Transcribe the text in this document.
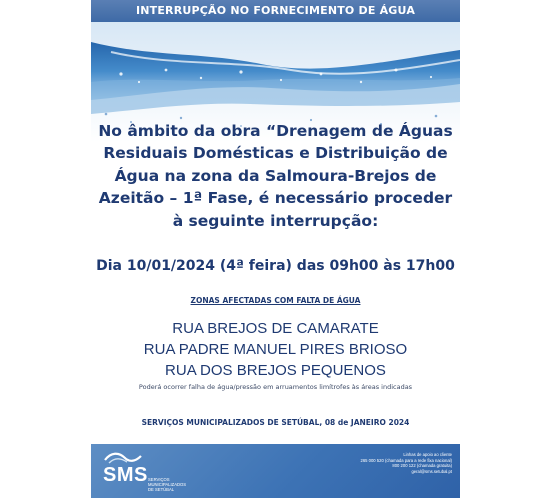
INTERRUPÇÃO NO FORNECIMENTO DE ÁGUA
No âmbito da obra “Drenagem de Águas
Residuais Domésticas e Distribuição de
Água na zona da Salmoura-Brejos de
Azeitão – 1ª Fase, é necessário proceder
à seguinte interrupção:
Dia 10/01/2024 (4ª feira) das 09h00 às 17h00
ZONAS AFECTADAS COM FALTA DE ÁGUA
RUA BREJOS DE CAMARATE
RUA PADRE MANUEL PIRES BRIOSO
RUA DOS BREJOS PEQUENOS
Poderá ocorrer falha de água/pressão em arruamentos limítrofes às áreas indicadas
SERVIÇOS MUNICIPALIZADOS DE SETÚBAL, 08 de JANEIRO 2024
SMS SERVIÇOS
MUNICIPALIZADOS
DE SETÚBAL
Linhas de apoio ao cliente
265 000 520 (chamada para a rede fixa nacional)
800 200 122 (chamada gratuita)
geral@sms.setubal.pt
